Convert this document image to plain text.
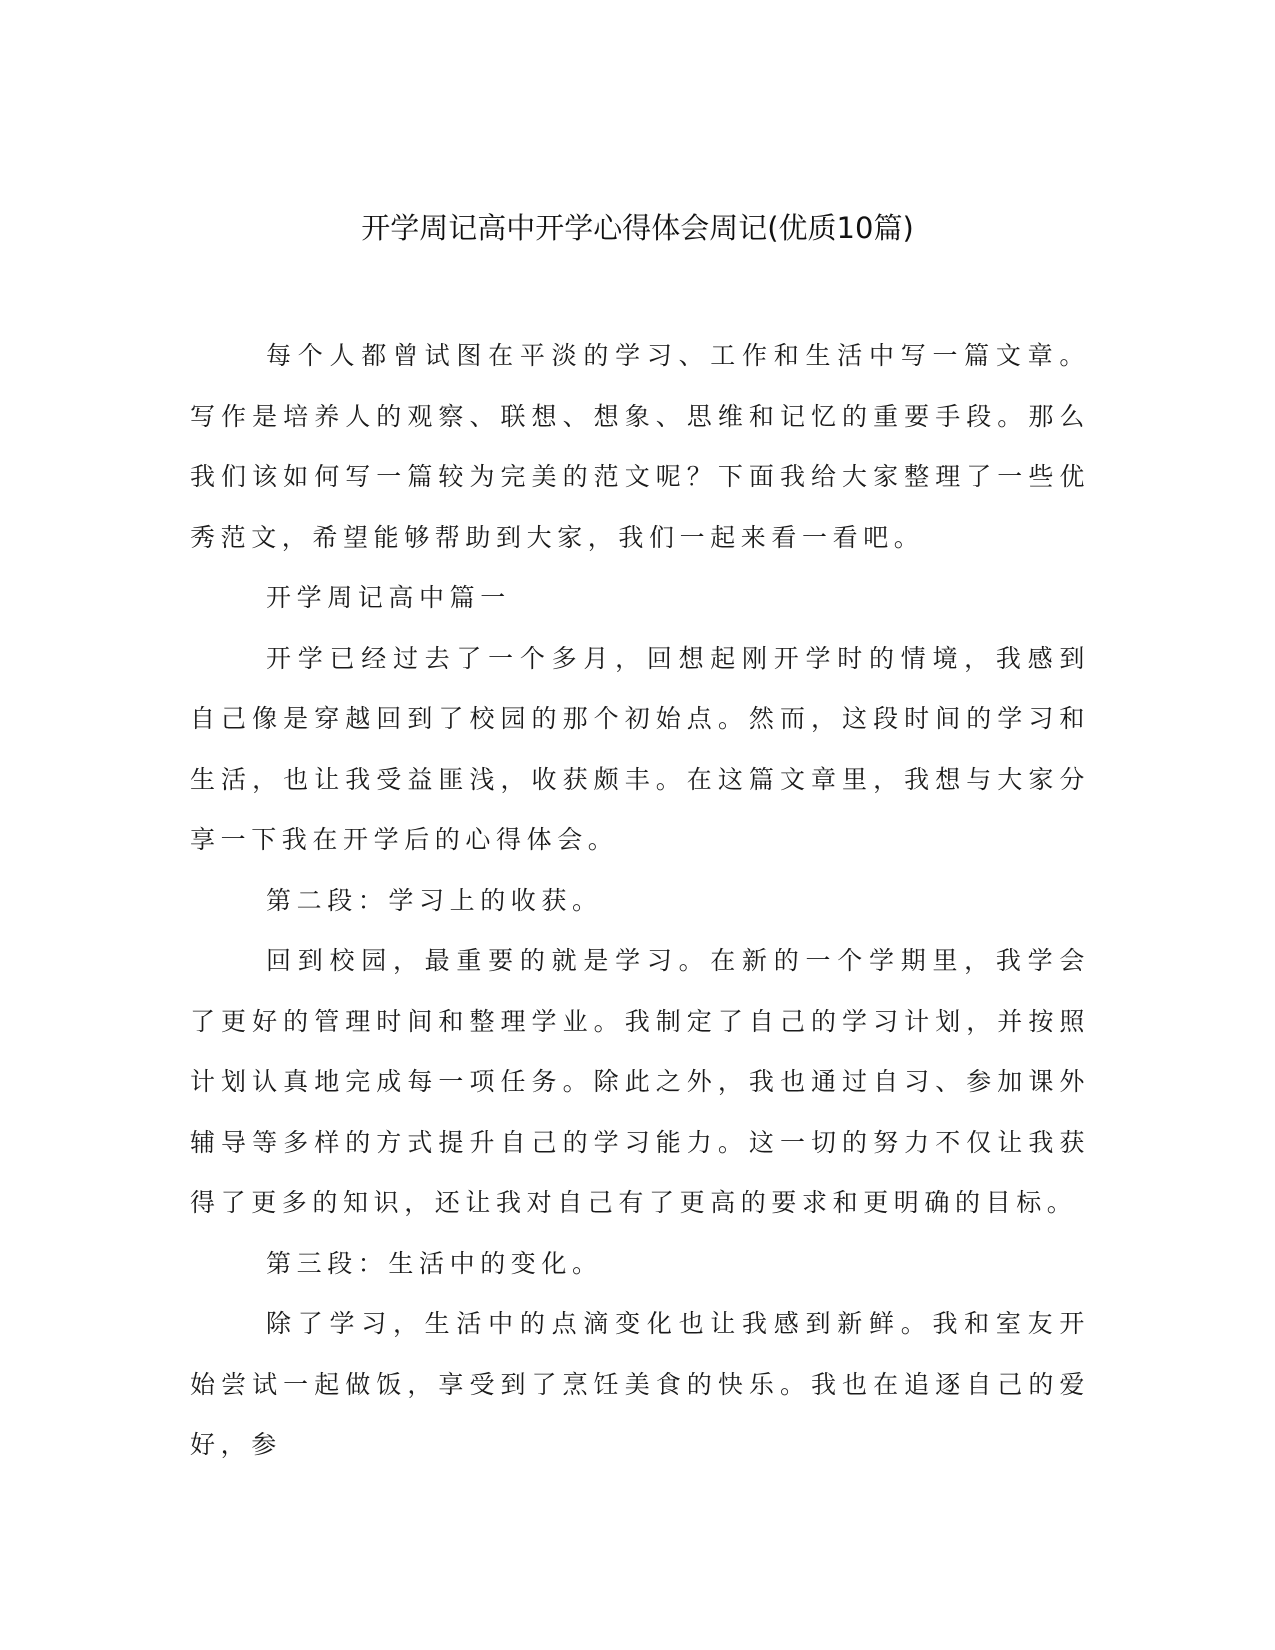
开学周记高中开学心得体会周记(优质10篇)

每个人都曾试图在平淡的学习、工作和生活中写一篇文章。写作是培养人的观察、联想、想象、思维和记忆的重要手段。那么我们该如何写一篇较为完美的范文呢？下面我给大家整理了一些优秀范文，希望能够帮助到大家，我们一起来看一看吧。

开学周记高中篇一

开学已经过去了一个多月，回想起刚开学时的情境，我感到自己像是穿越回到了校园的那个初始点。然而，这段时间的学习和生活，也让我受益匪浅，收获颇丰。在这篇文章里，我想与大家分享一下我在开学后的心得体会。

第二段：学习上的收获。

回到校园，最重要的就是学习。在新的一个学期里，我学会了更好的管理时间和整理学业。我制定了自己的学习计划，并按照计划认真地完成每一项任务。除此之外，我也通过自习、参加课外辅导等多样的方式提升自己的学习能力。这一切的努力不仅让我获得了更多的知识，还让我对自己有了更高的要求和更明确的目标。

第三段：生活中的变化。

除了学习，生活中的点滴变化也让我感到新鲜。我和室友开始尝试一起做饭，享受到了烹饪美食的快乐。我也在追逐自己的爱好，参
